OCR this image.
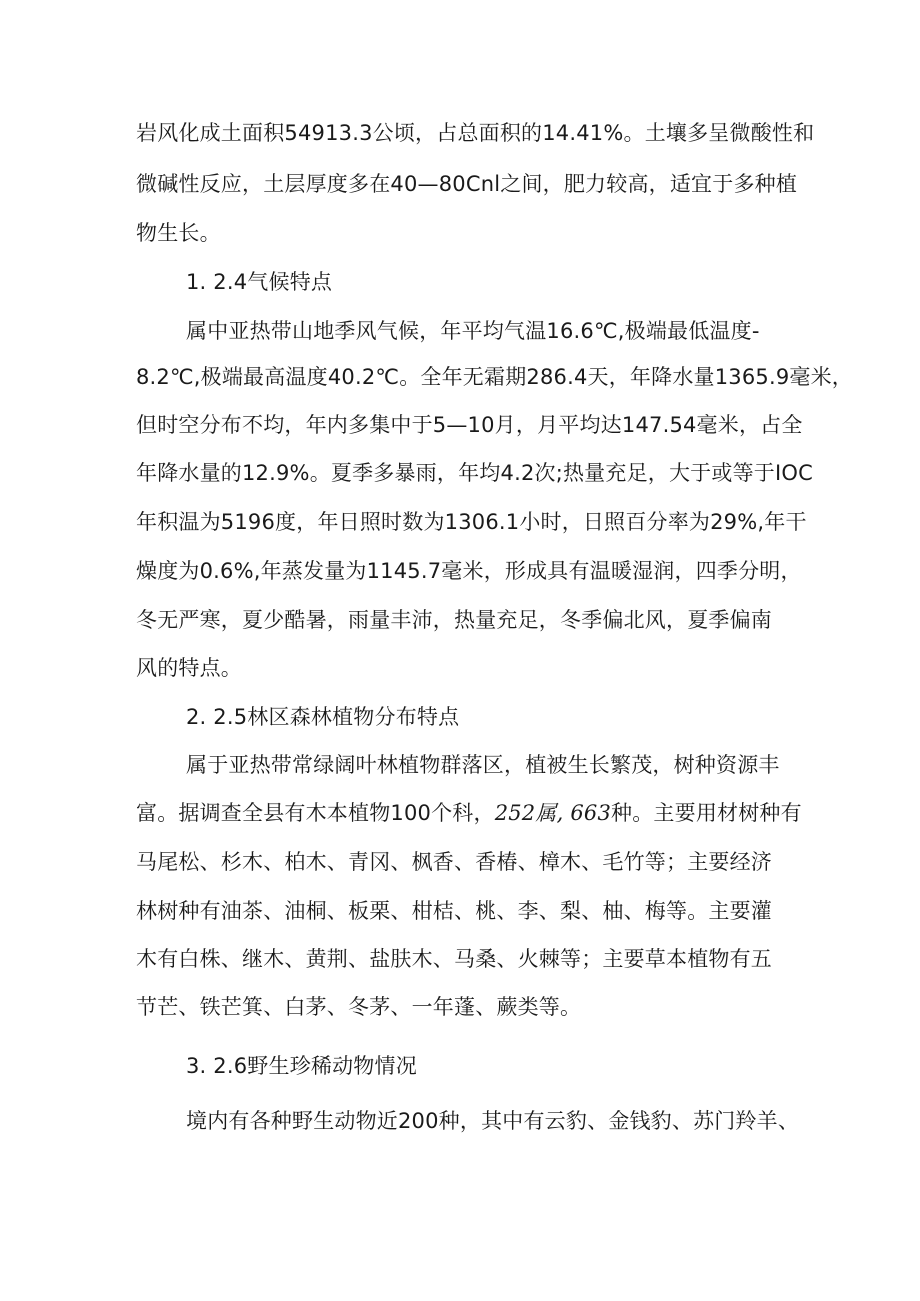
岩风化成土面积54913.3公顷，占总面积的14.41%。土壤多呈微酸性和
微碱性反应，土层厚度多在40—80Cnl之间，肥力较高，适宜于多种植
物生长。
1. 2.4气候特点
属中亚热带山地季风气候，年平均气温16.6℃,极端最低温度-
8.2℃,极端最高温度40.2℃。全年无霜期286.4天，年降水量1365.9毫米，
但时空分布不均，年内多集中于5—10月，月平均达147.54毫米，占全
年降水量的12.9%。夏季多暴雨，年均4.2次;热量充足，大于或等于IOC
年积温为5196度，年日照时数为1306.1小时，日照百分率为29%,年干
燥度为0.6%,年蒸发量为1145.7毫米，形成具有温暖湿润，四季分明，
冬无严寒，夏少酷暑，雨量丰沛，热量充足，冬季偏北风，夏季偏南
风的特点。
2. 2.5林区森林植物分布特点
属于亚热带常绿阔叶林植物群落区，植被生长繁茂，树种资源丰
富。据调查全县有木本植物100个科，252属, 663种。主要用材树种有
马尾松、杉木、柏木、青冈、枫香、香椿、樟木、毛竹等；主要经济
林树种有油茶、油桐、板栗、柑桔、桃、李、梨、柚、梅等。主要灌
木有白株、继木、黄荆、盐肤木、马桑、火棘等；主要草本植物有五
节芒、铁芒箕、白茅、冬茅、一年蓬、蕨类等。
3. 2.6野生珍稀动物情况
境内有各种野生动物近200种，其中有云豹、金钱豹、苏门羚羊、
